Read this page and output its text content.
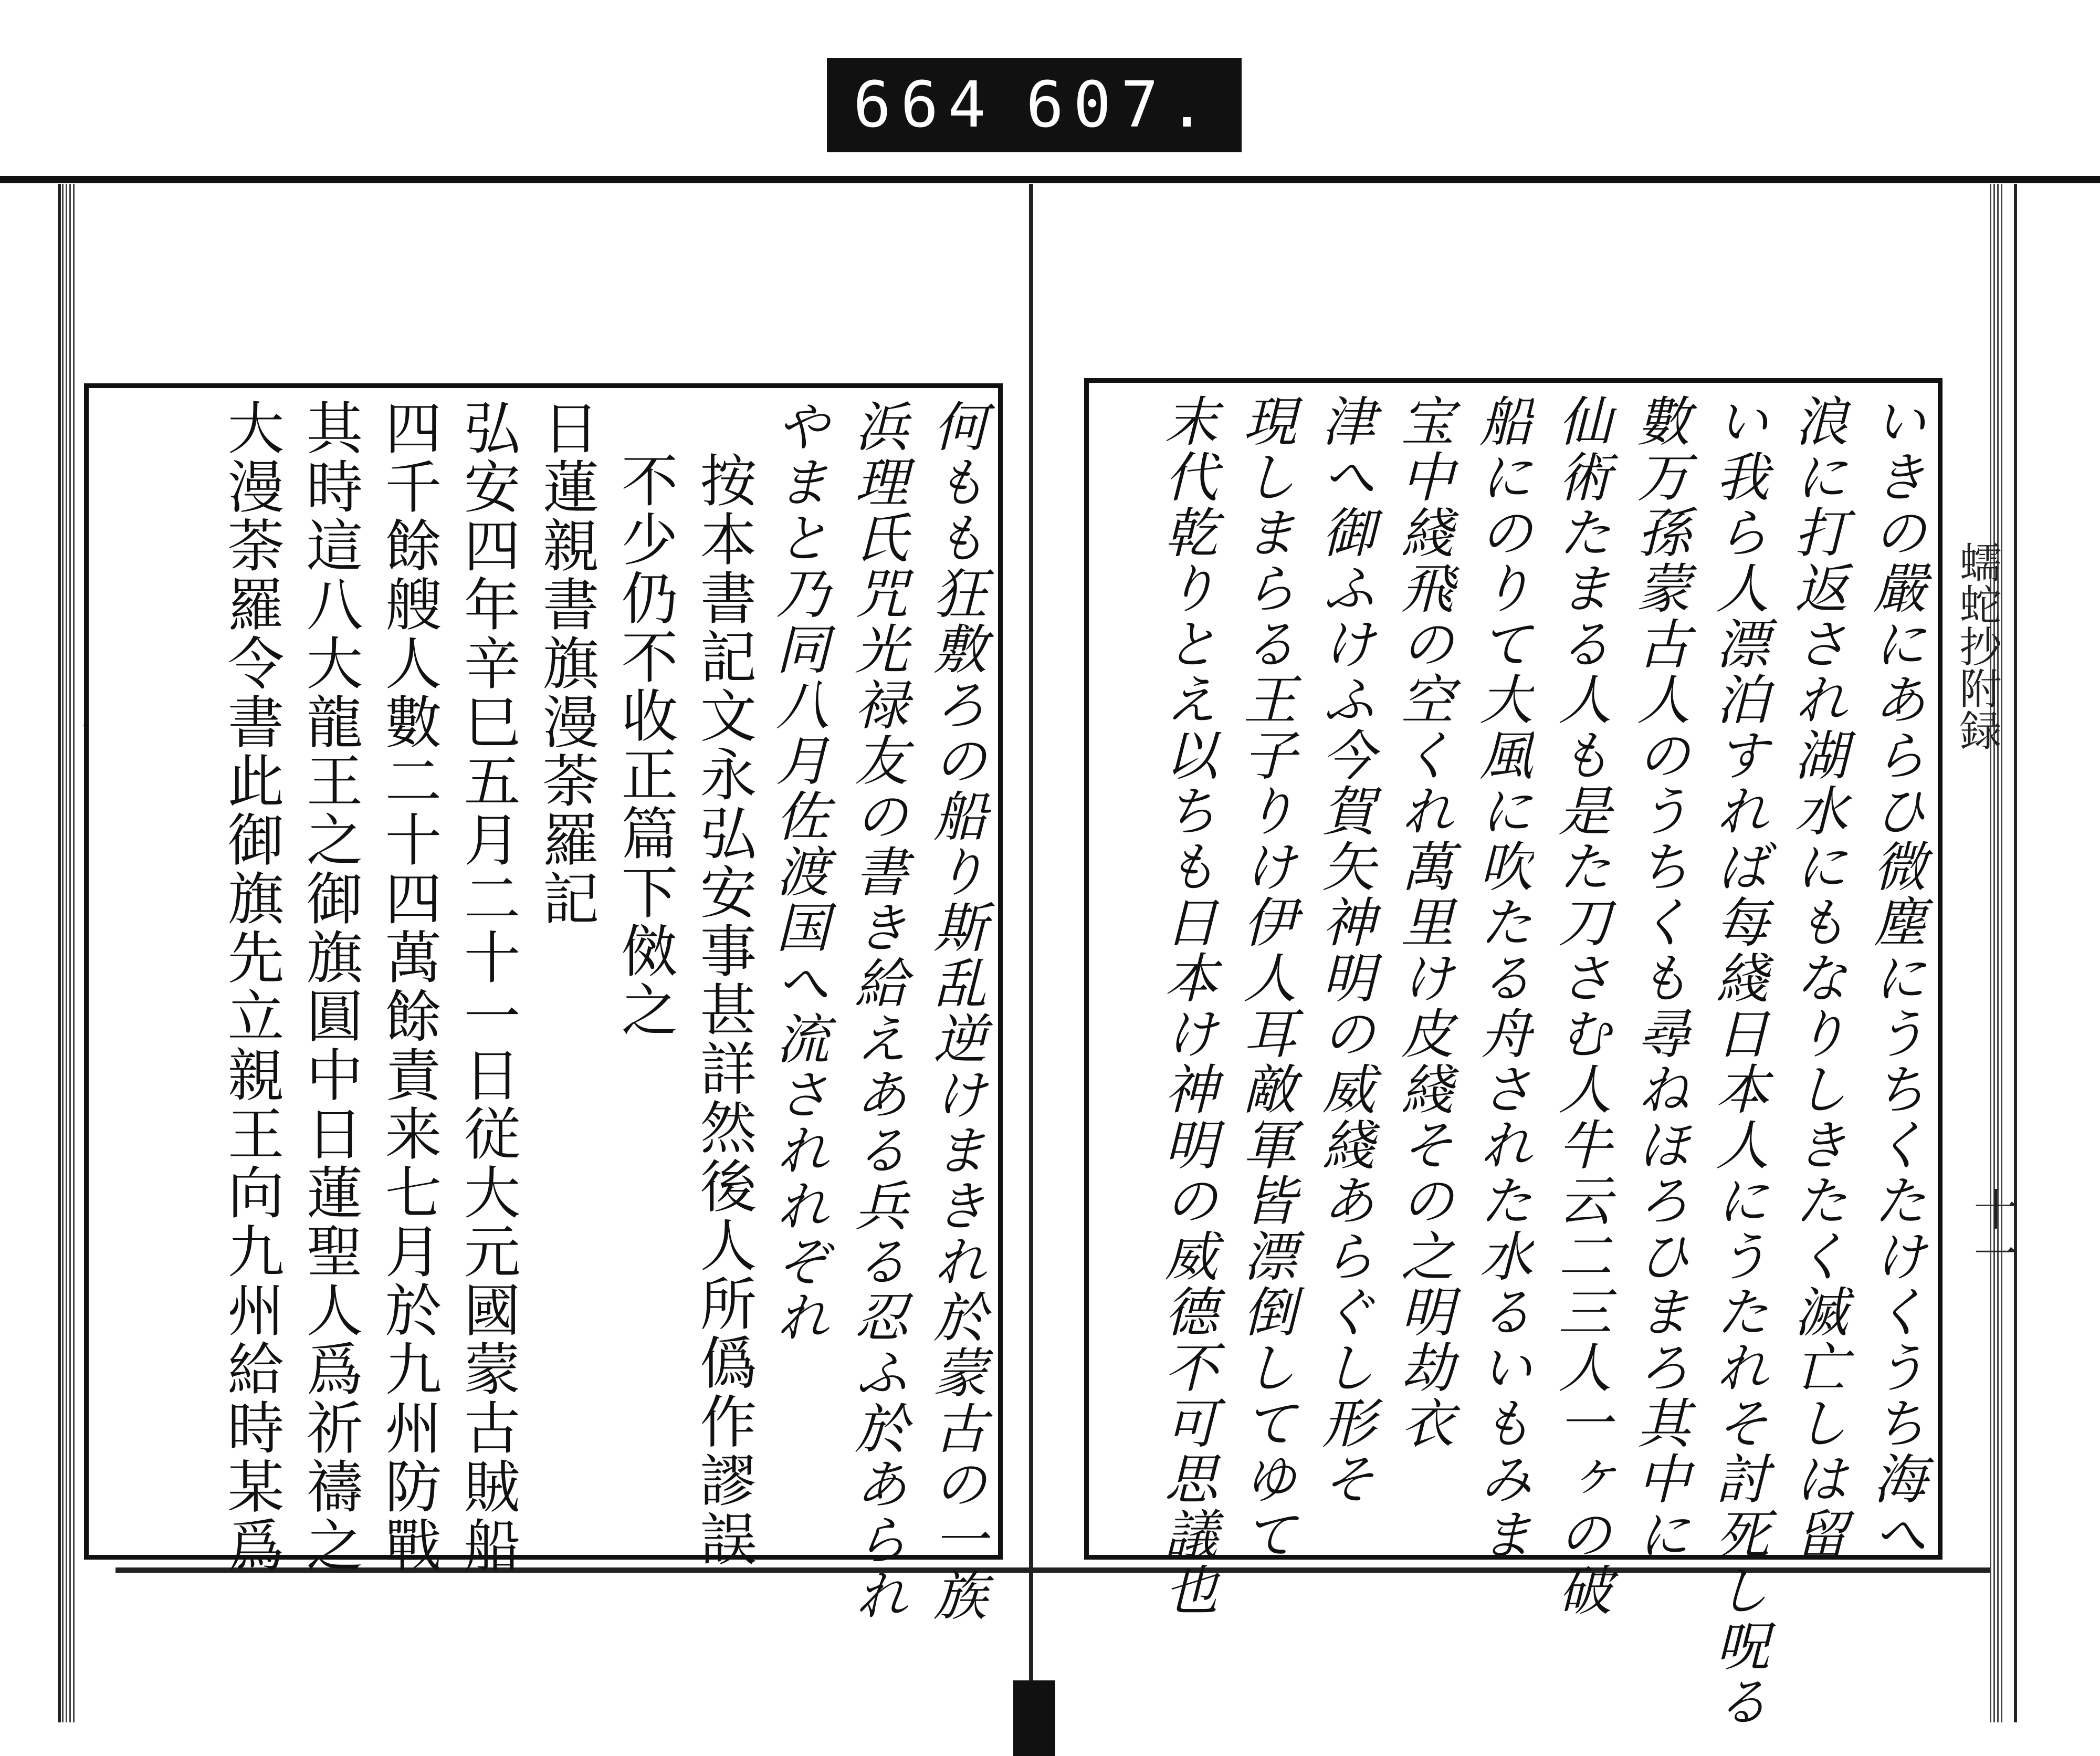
664 607.
蠕蛇抄附録
十一
何もも狂敷ろの船り斯乱逆けまきれ於蒙古の一族
浜理氏咒光禄友の書き給えある兵る忍ふ於あられ
やまと乃同八月佐渡国へ流されれぞれ
按本書記文永弘安事甚詳然後人所僞作謬誤
不少仍不收正篇下傚之
日蓮親書旗漫荼羅記
弘安四年辛巳五月二十一日従大元國蒙古賊船
四千餘艘人數二十四萬餘責来七月於九州防戰
其時這八大龍王之御旗圓中日蓮聖人爲祈禱之
大漫荼羅令書此御旗先立親王向九州給時某爲	いきの嚴にあらひ微塵にうちくたけくうち海へ
浪に打返され湖水にもなりしきたく滅亡しは留
い我ら人漂泊すれば每綫日本人にうたれそ討死し呪る
數万孫蒙古人のうちくも尋ねほろひまろ其中に
仙術たまる人も是た刀さむ人牛云二三人一ヶの破
船にのりて大風に吹たる舟された水るいもみま
宝中綫飛の空くれ萬里け皮綫その之明劫衣
津へ御ふけふ今賀矢神明の威綫あらぐし形そ
現しまらる王子りけ伊人耳敵軍皆漂倒してゆて
末代乾りとえ以ちも日本け神明の威德不可思議也
